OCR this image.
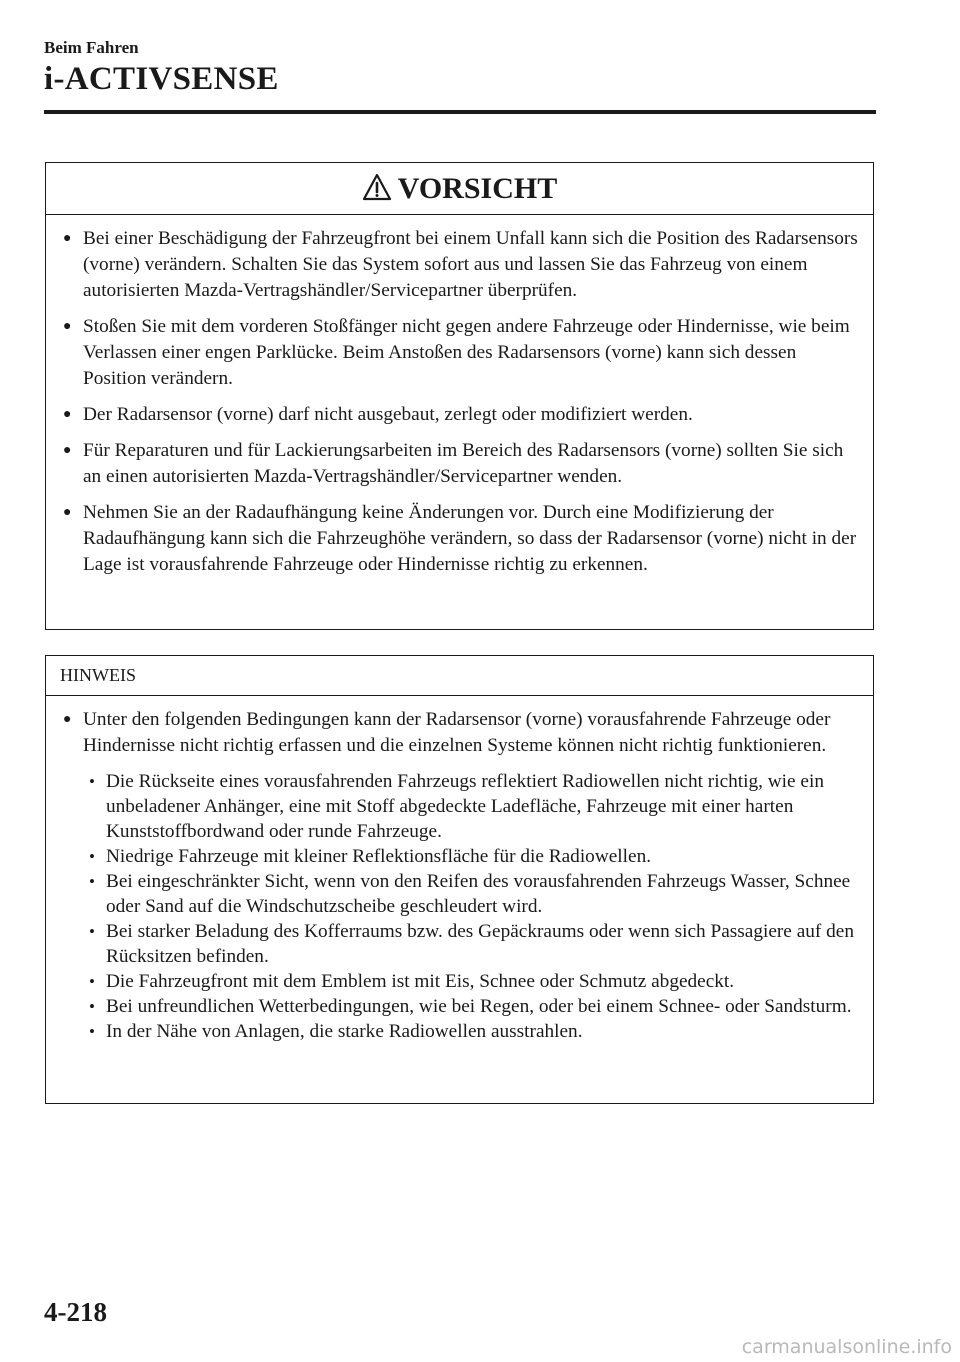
Beim Fahren
i-ACTIVSENSE
VORSICHT
● Bei einer Beschädigung der Fahrzeugfront bei einem Unfall kann sich die Position des Radarsensors (vorne) verändern. Schalten Sie das System sofort aus und lassen Sie das Fahrzeug von einem autorisierten Mazda-Vertragshändler/Servicepartner überprüfen.
● Stoßen Sie mit dem vorderen Stoßfänger nicht gegen andere Fahrzeuge oder Hindernisse, wie beim Verlassen einer engen Parklücke. Beim Anstoßen des Radarsensors (vorne) kann sich dessen Position verändern.
● Der Radarsensor (vorne) darf nicht ausgebaut, zerlegt oder modifiziert werden.
● Für Reparaturen und für Lackierungsarbeiten im Bereich des Radarsensors (vorne) sollten Sie sich an einen autorisierten Mazda-Vertragshändler/Servicepartner wenden.
● Nehmen Sie an der Radaufhängung keine Änderungen vor. Durch eine Modifizierung der Radaufhängung kann sich die Fahrzeughöhe verändern, so dass der Radarsensor (vorne) nicht in der Lage ist vorausfahrende Fahrzeuge oder Hindernisse richtig zu erkennen.
HINWEIS
● Unter den folgenden Bedingungen kann der Radarsensor (vorne) vorausfahrende Fahrzeuge oder Hindernisse nicht richtig erfassen und die einzelnen Systeme können nicht richtig funktionieren.
• Die Rückseite eines vorausfahrenden Fahrzeugs reflektiert Radiowellen nicht richtig, wie ein unbeladener Anhänger, eine mit Stoff abgedeckte Ladefläche, Fahrzeuge mit einer harten Kunststoffbordwand oder runde Fahrzeuge.
• Niedrige Fahrzeuge mit kleiner Reflektionsfläche für die Radiowellen.
• Bei eingeschränkter Sicht, wenn von den Reifen des vorausfahrenden Fahrzeugs Wasser, Schnee oder Sand auf die Windschutzscheibe geschleudert wird.
• Bei starker Beladung des Kofferraums bzw. des Gepäckraums oder wenn sich Passagiere auf den Rücksitzen befinden.
• Die Fahrzeugfront mit dem Emblem ist mit Eis, Schnee oder Schmutz abgedeckt.
• Bei unfreundlichen Wetterbedingungen, wie bei Regen, oder bei einem Schnee- oder Sandsturm.
• In der Nähe von Anlagen, die starke Radiowellen ausstrahlen.
4-218
carmanualsonline.info
